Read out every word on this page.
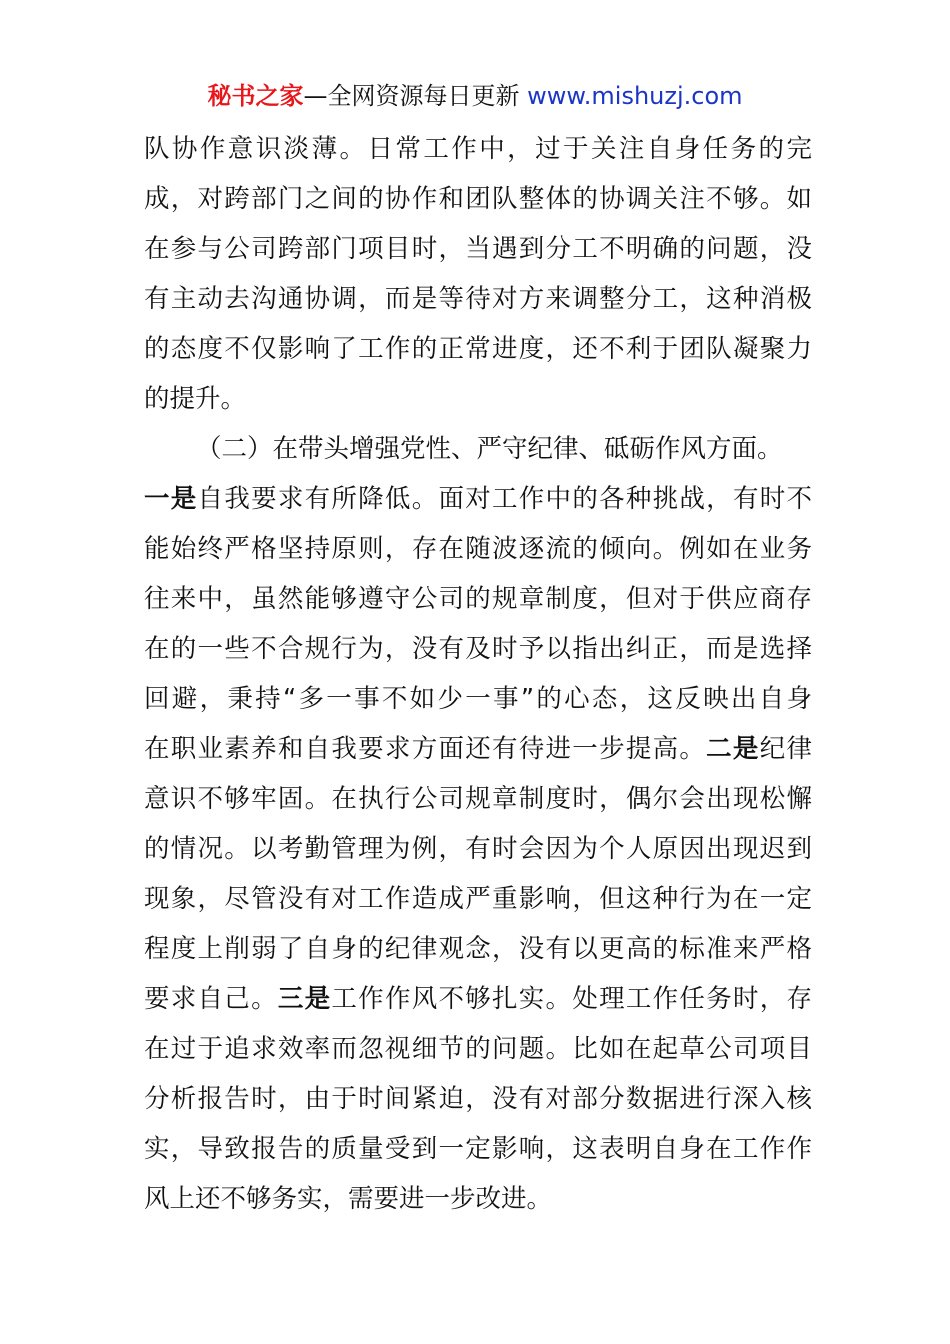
秘书之家—全网资源每日更新 www.mishuzj.com
队协作意识淡薄。日常工作中，过于关注自身任务的完
成，对跨部门之间的协作和团队整体的协调关注不够。如
在参与公司跨部门项目时，当遇到分工不明确的问题，没
有主动去沟通协调，而是等待对方来调整分工，这种消极
的态度不仅影响了工作的正常进度，还不利于团队凝聚力
的提升。
（二）在带头增强党性、严守纪律、砥砺作风方面。
一是自我要求有所降低。面对工作中的各种挑战，有时不
能始终严格坚持原则，存在随波逐流的倾向。例如在业务
往来中，虽然能够遵守公司的规章制度，但对于供应商存
在的一些不合规行为，没有及时予以指出纠正，而是选择
回避，秉持“多一事不如少一事”的心态，这反映出自身
在职业素养和自我要求方面还有待进一步提高。二是纪律
意识不够牢固。在执行公司规章制度时，偶尔会出现松懈
的情况。以考勤管理为例，有时会因为个人原因出现迟到
现象，尽管没有对工作造成严重影响，但这种行为在一定
程度上削弱了自身的纪律观念，没有以更高的标准来严格
要求自己。三是工作作风不够扎实。处理工作任务时，存
在过于追求效率而忽视细节的问题。比如在起草公司项目
分析报告时，由于时间紧迫，没有对部分数据进行深入核
实，导致报告的质量受到一定影响，这表明自身在工作作
风上还不够务实，需要进一步改进。
